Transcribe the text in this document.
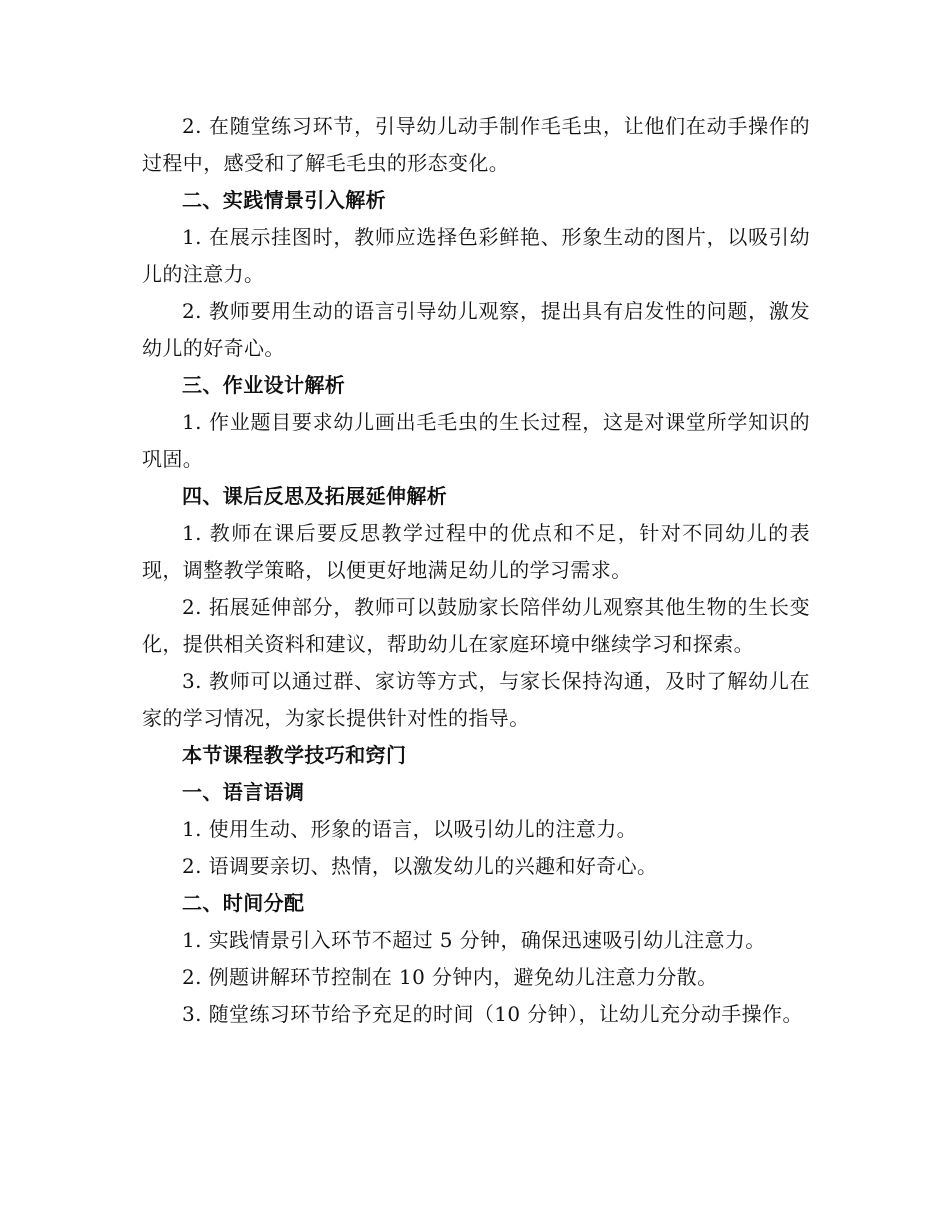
2. 在随堂练习环节，引导幼儿动手制作毛毛虫，让他们在动手操作的过程中，感受和了解毛毛虫的形态变化。

二、实践情景引入解析

1. 在展示挂图时，教师应选择色彩鲜艳、形象生动的图片，以吸引幼儿的注意力。

2. 教师要用生动的语言引导幼儿观察，提出具有启发性的问题，激发幼儿的好奇心。

三、作业设计解析

1. 作业题目要求幼儿画出毛毛虫的生长过程，这是对课堂所学知识的巩固。

四、课后反思及拓展延伸解析

1. 教师在课后要反思教学过程中的优点和不足，针对不同幼儿的表现，调整教学策略，以便更好地满足幼儿的学习需求。

2. 拓展延伸部分，教师可以鼓励家长陪伴幼儿观察其他生物的生长变化，提供相关资料和建议，帮助幼儿在家庭环境中继续学习和探索。

3. 教师可以通过群、家访等方式，与家长保持沟通，及时了解幼儿在家的学习情况，为家长提供针对性的指导。

本节课程教学技巧和窍门

一、语言语调

1. 使用生动、形象的语言，以吸引幼儿的注意力。

2. 语调要亲切、热情，以激发幼儿的兴趣和好奇心。

二、时间分配

1. 实践情景引入环节不超过 5 分钟，确保迅速吸引幼儿注意力。

2. 例题讲解环节控制在 10 分钟内，避免幼儿注意力分散。

3. 随堂练习环节给予充足的时间（10 分钟），让幼儿充分动手操作。
